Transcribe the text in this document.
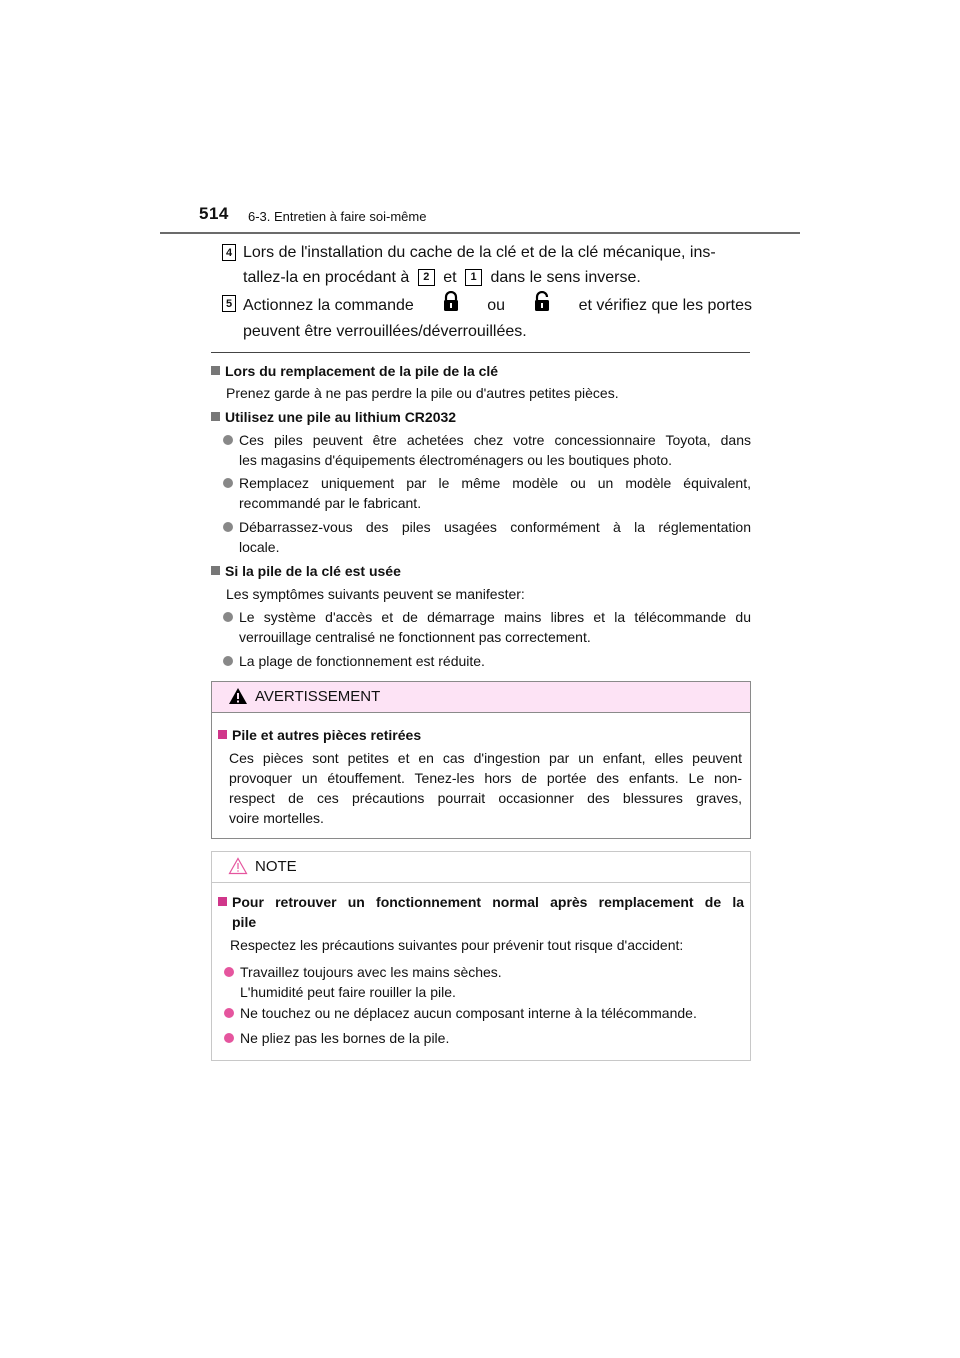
514 6-3. Entretien à faire soi-même
4 Lors de l'installation du cache de la clé et de la clé mécanique, ins-
tallez-la en procédant à 2 et 1 dans le sens inverse.
5 Actionnez la commande	ou	et vérifiez que les portes
peuvent être verrouillées/déverrouillées.
Lors du remplacement de la pile de la clé
Prenez garde à ne pas perdre la pile ou d'autres petites pièces.
Utilisez une pile au lithium CR2032
Ces piles peuvent être achetées chez votre concessionnaire Toyota, dans
les magasins d'équipements électroménagers ou les boutiques photo.
Remplacez uniquement par le même modèle ou un modèle équivalent,
recommandé par le fabricant.
Débarrassez-vous des piles usagées conformément à la réglementation
locale.
Si la pile de la clé est usée
Les symptômes suivants peuvent se manifester:
Le système d'accès et de démarrage mains libres et la télécommande du
verrouillage centralisé ne fonctionnent pas correctement.
La plage de fonctionnement est réduite.
AVERTISSEMENT
Pile et autres pièces retirées
Ces pièces sont petites et en cas d'ingestion par un enfant, elles peuvent
provoquer un étouffement. Tenez-les hors de portée des enfants. Le non-
respect de ces précautions pourrait occasionner des blessures graves,
voire mortelles.
NOTE
Pour retrouver un fonctionnement normal après remplacement de la
pile
Respectez les précautions suivantes pour prévenir tout risque d'accident:
Travaillez toujours avec les mains sèches.
L'humidité peut faire rouiller la pile.
Ne touchez ou ne déplacez aucun composant interne à la télécommande.
Ne pliez pas les bornes de la pile.
